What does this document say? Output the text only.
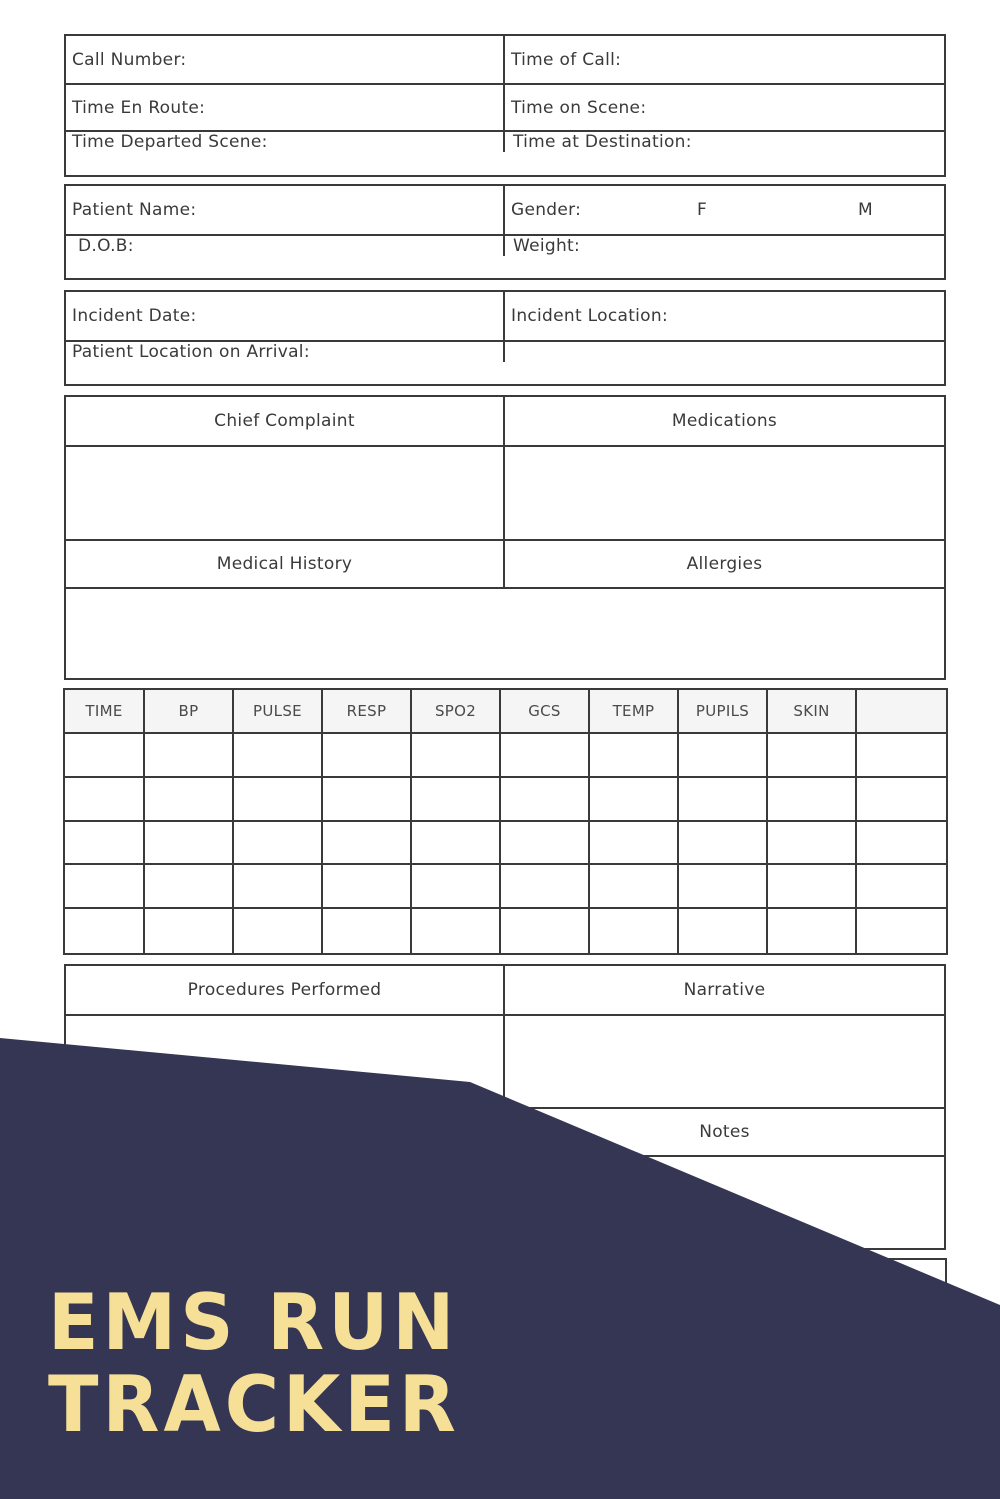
Call Number:	Time of Call:
Time En Route:	Time on Scene:
Time Departed Scene:	Time at Destination:
Patient Name:	Gender:	F	M
D.O.B:	Weight:
Incident Date:	Incident Location:
Patient Location on Arrival:
Chief Complaint	Medications
Medical History	Allergies
TIME	BP	PULSE	RESP	SPO2	GCS	TEMP	PUPILS	SKIN
Procedures Performed	Narrative
Notes
EMS RUN
TRACKER
